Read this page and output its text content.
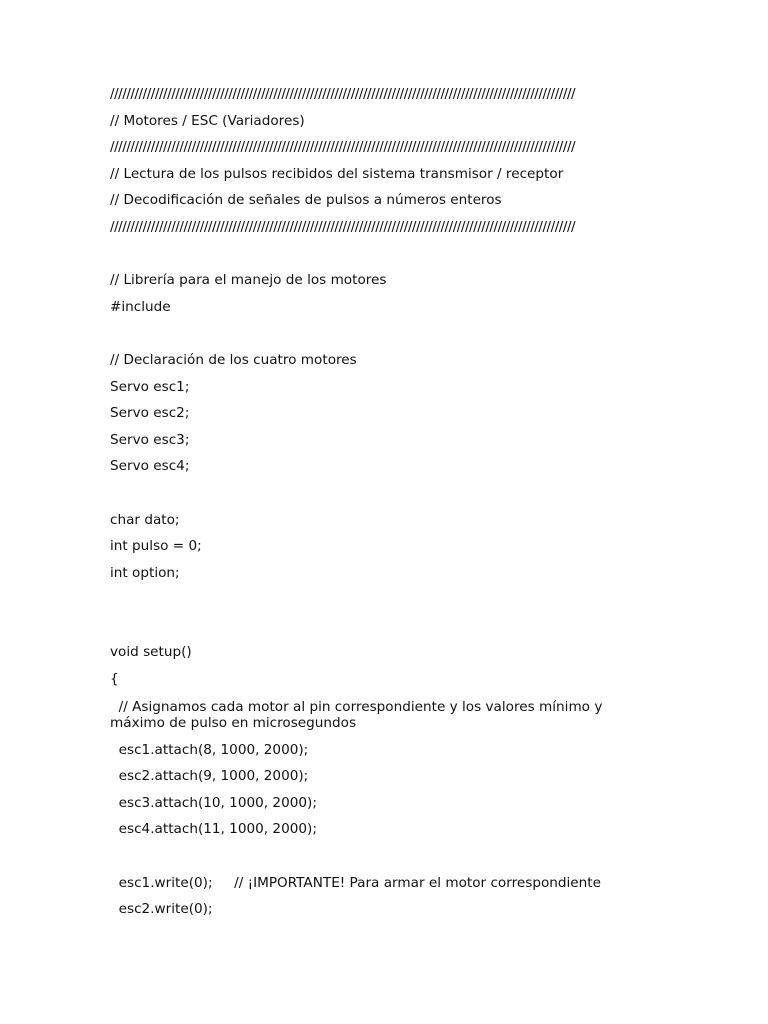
//////////////////////////////////////////////////////////////////////////////////////////////////////////////////
// Motores / ESC (Variadores)
//////////////////////////////////////////////////////////////////////////////////////////////////////////////////
// Lectura de los pulsos recibidos del sistema transmisor / receptor
// Decodificación de señales de pulsos a números enteros
//////////////////////////////////////////////////////////////////////////////////////////////////////////////////
// Librería para el manejo de los motores
#include
// Declaración de los cuatro motores
Servo esc1;
Servo esc2;
Servo esc3;
Servo esc4;
char dato;
int pulso = 0;
int option;
void setup()
{
// Asignamos cada motor al pin correspondiente y los valores mínimo y máximo de pulso en microsegundos
esc1.attach(8, 1000, 2000);
esc2.attach(9, 1000, 2000);
esc3.attach(10, 1000, 2000);
esc4.attach(11, 1000, 2000);
esc1.write(0);     // ¡IMPORTANTE! Para armar el motor correspondiente
esc2.write(0);
